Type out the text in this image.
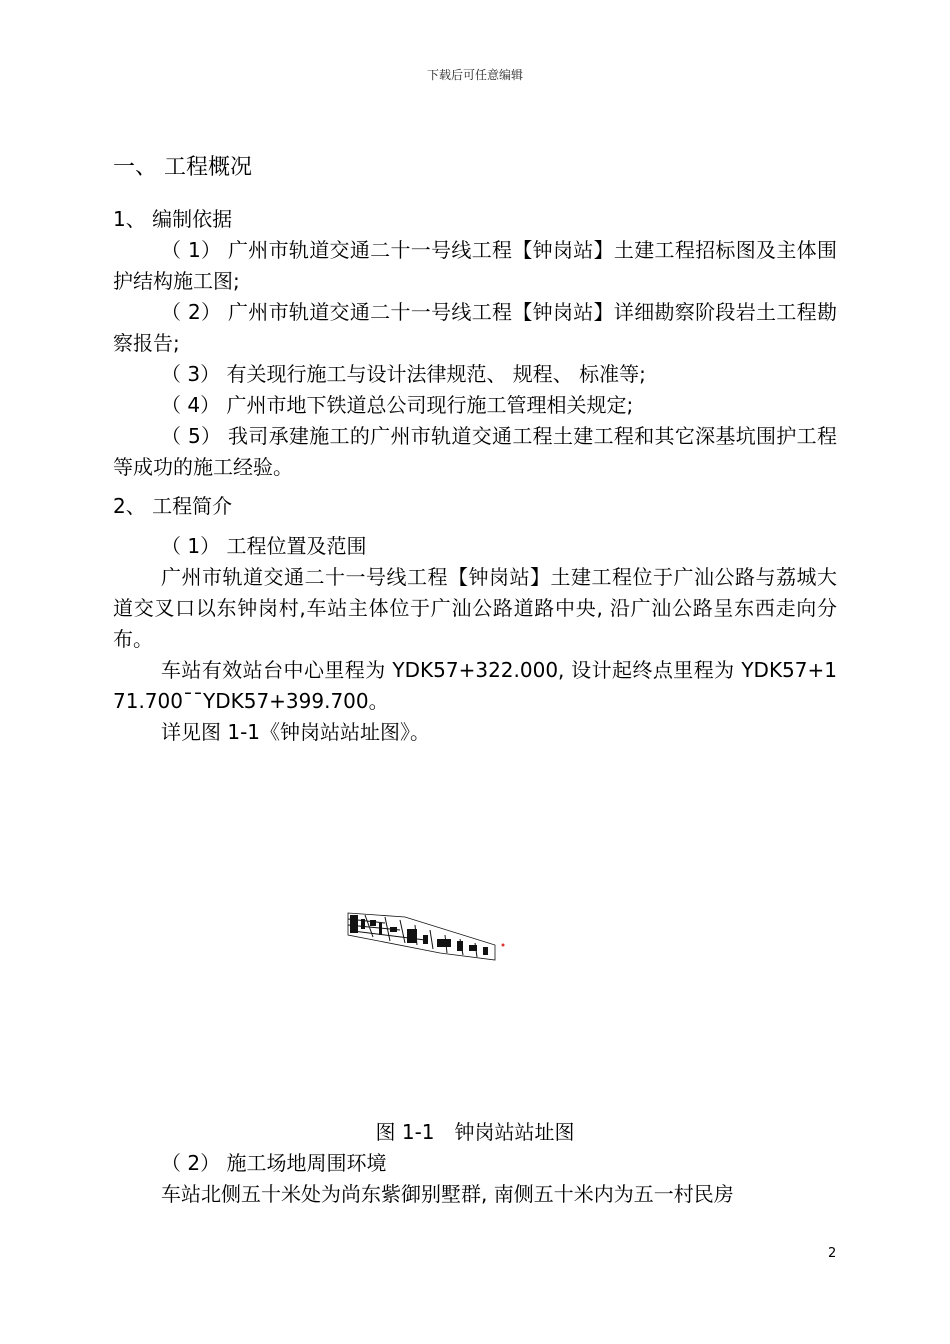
下载后可任意编辑
一、 工程概况
1、 编制依据
（ 1） 广州市轨道交通二十一号线工程【钟岗站】土建工程招标图及主体围护结构施工图;
（ 2） 广州市轨道交通二十一号线工程【钟岗站】详细勘察阶段岩土工程勘察报告;
（ 3） 有关现行施工与设计法律规范、 规程、 标准等;
（ 4） 广州市地下铁道总公司现行施工管理相关规定;
（ 5） 我司承建施工的广州市轨道交通工程土建工程和其它深基坑围护工程等成功的施工经验。
2、 工程简介
（ 1） 工程位置及范围
广州市轨道交通二十一号线工程【钟岗站】土建工程位于广汕公路与荔城大道交叉口以东钟岗村,车站主体位于广汕公路道路中央, 沿广汕公路呈东西走向分布。
车站有效站台中心里程为 YDK57+322.000, 设计起终点里程为 YDK57+171.700¯¯YDK57+399.700。
详见图 1-1《钟岗站站址图》。
图 1-1　钟岗站站址图
（ 2） 施工场地周围环境
车站北侧五十米处为尚东紫御别墅群, 南侧五十米内为五一村民房
2
